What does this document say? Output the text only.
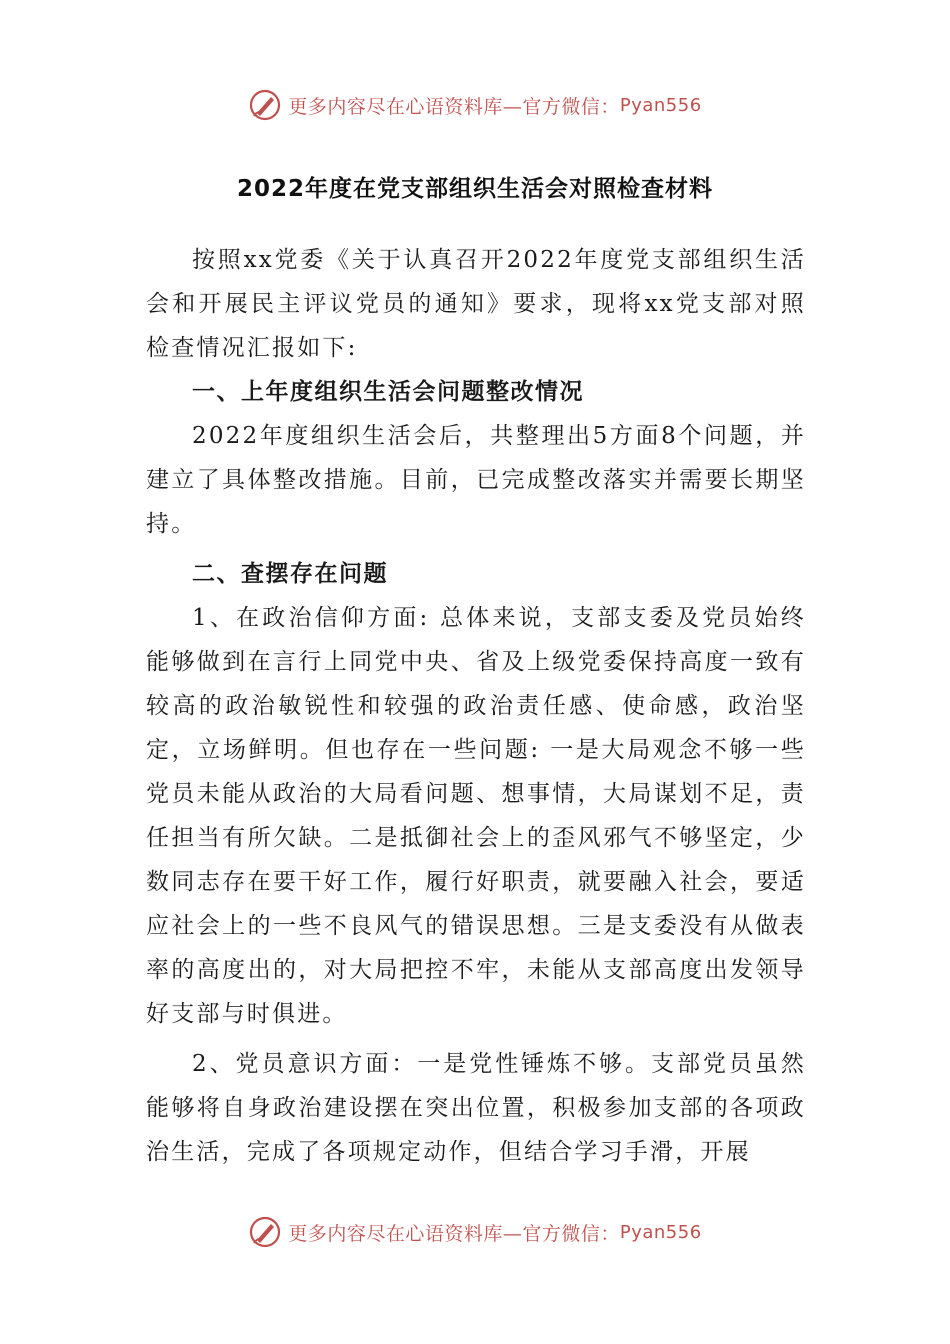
更多内容尽在心语资料库—官方微信： Pyan556
2022年度在党支部组织生活会对照检查材料

按照xx党委《关于认真召开2022年度党支部组织生活会和开展民主评议党员的通知》要求，现将xx党支部对照检查情况汇报如下:

一、上年度组织生活会问题整改情况

2022年度组织生活会后，共整理出5方面8个问题，并建立了具体整改措施。目前，已完成整改落实并需要长期坚持。

二、查摆存在问题

1、在政治信仰方面: 总体来说，支部支委及党员始终能够做到在言行上同党中央、省及上级党委保持高度一致有较高的政治敏锐性和较强的政治责任感、使命感，政治坚定，立场鲜明。但也存在一些问题: 一是大局观念不够一些党员未能从政治的大局看问题、想事情，大局谋划不足，责任担当有所欠缺。二是抵御社会上的歪风邪气不够坚定，少数同志存在要干好工作，履行好职责，就要融入社会，要适应社会上的一些不良风气的错误思想。三是支委没有从做表率的高度出的，对大局把控不牢，未能从支部高度出发领导好支部与时俱进。

2、党员意识方面：一是党性锤炼不够。支部党员虽然能够将自身政治建设摆在突出位置，积极参加支部的各项政治生活，完成了各项规定动作，但结合学习手滑，开展

更多内容尽在心语资料库—官方微信： Pyan556
